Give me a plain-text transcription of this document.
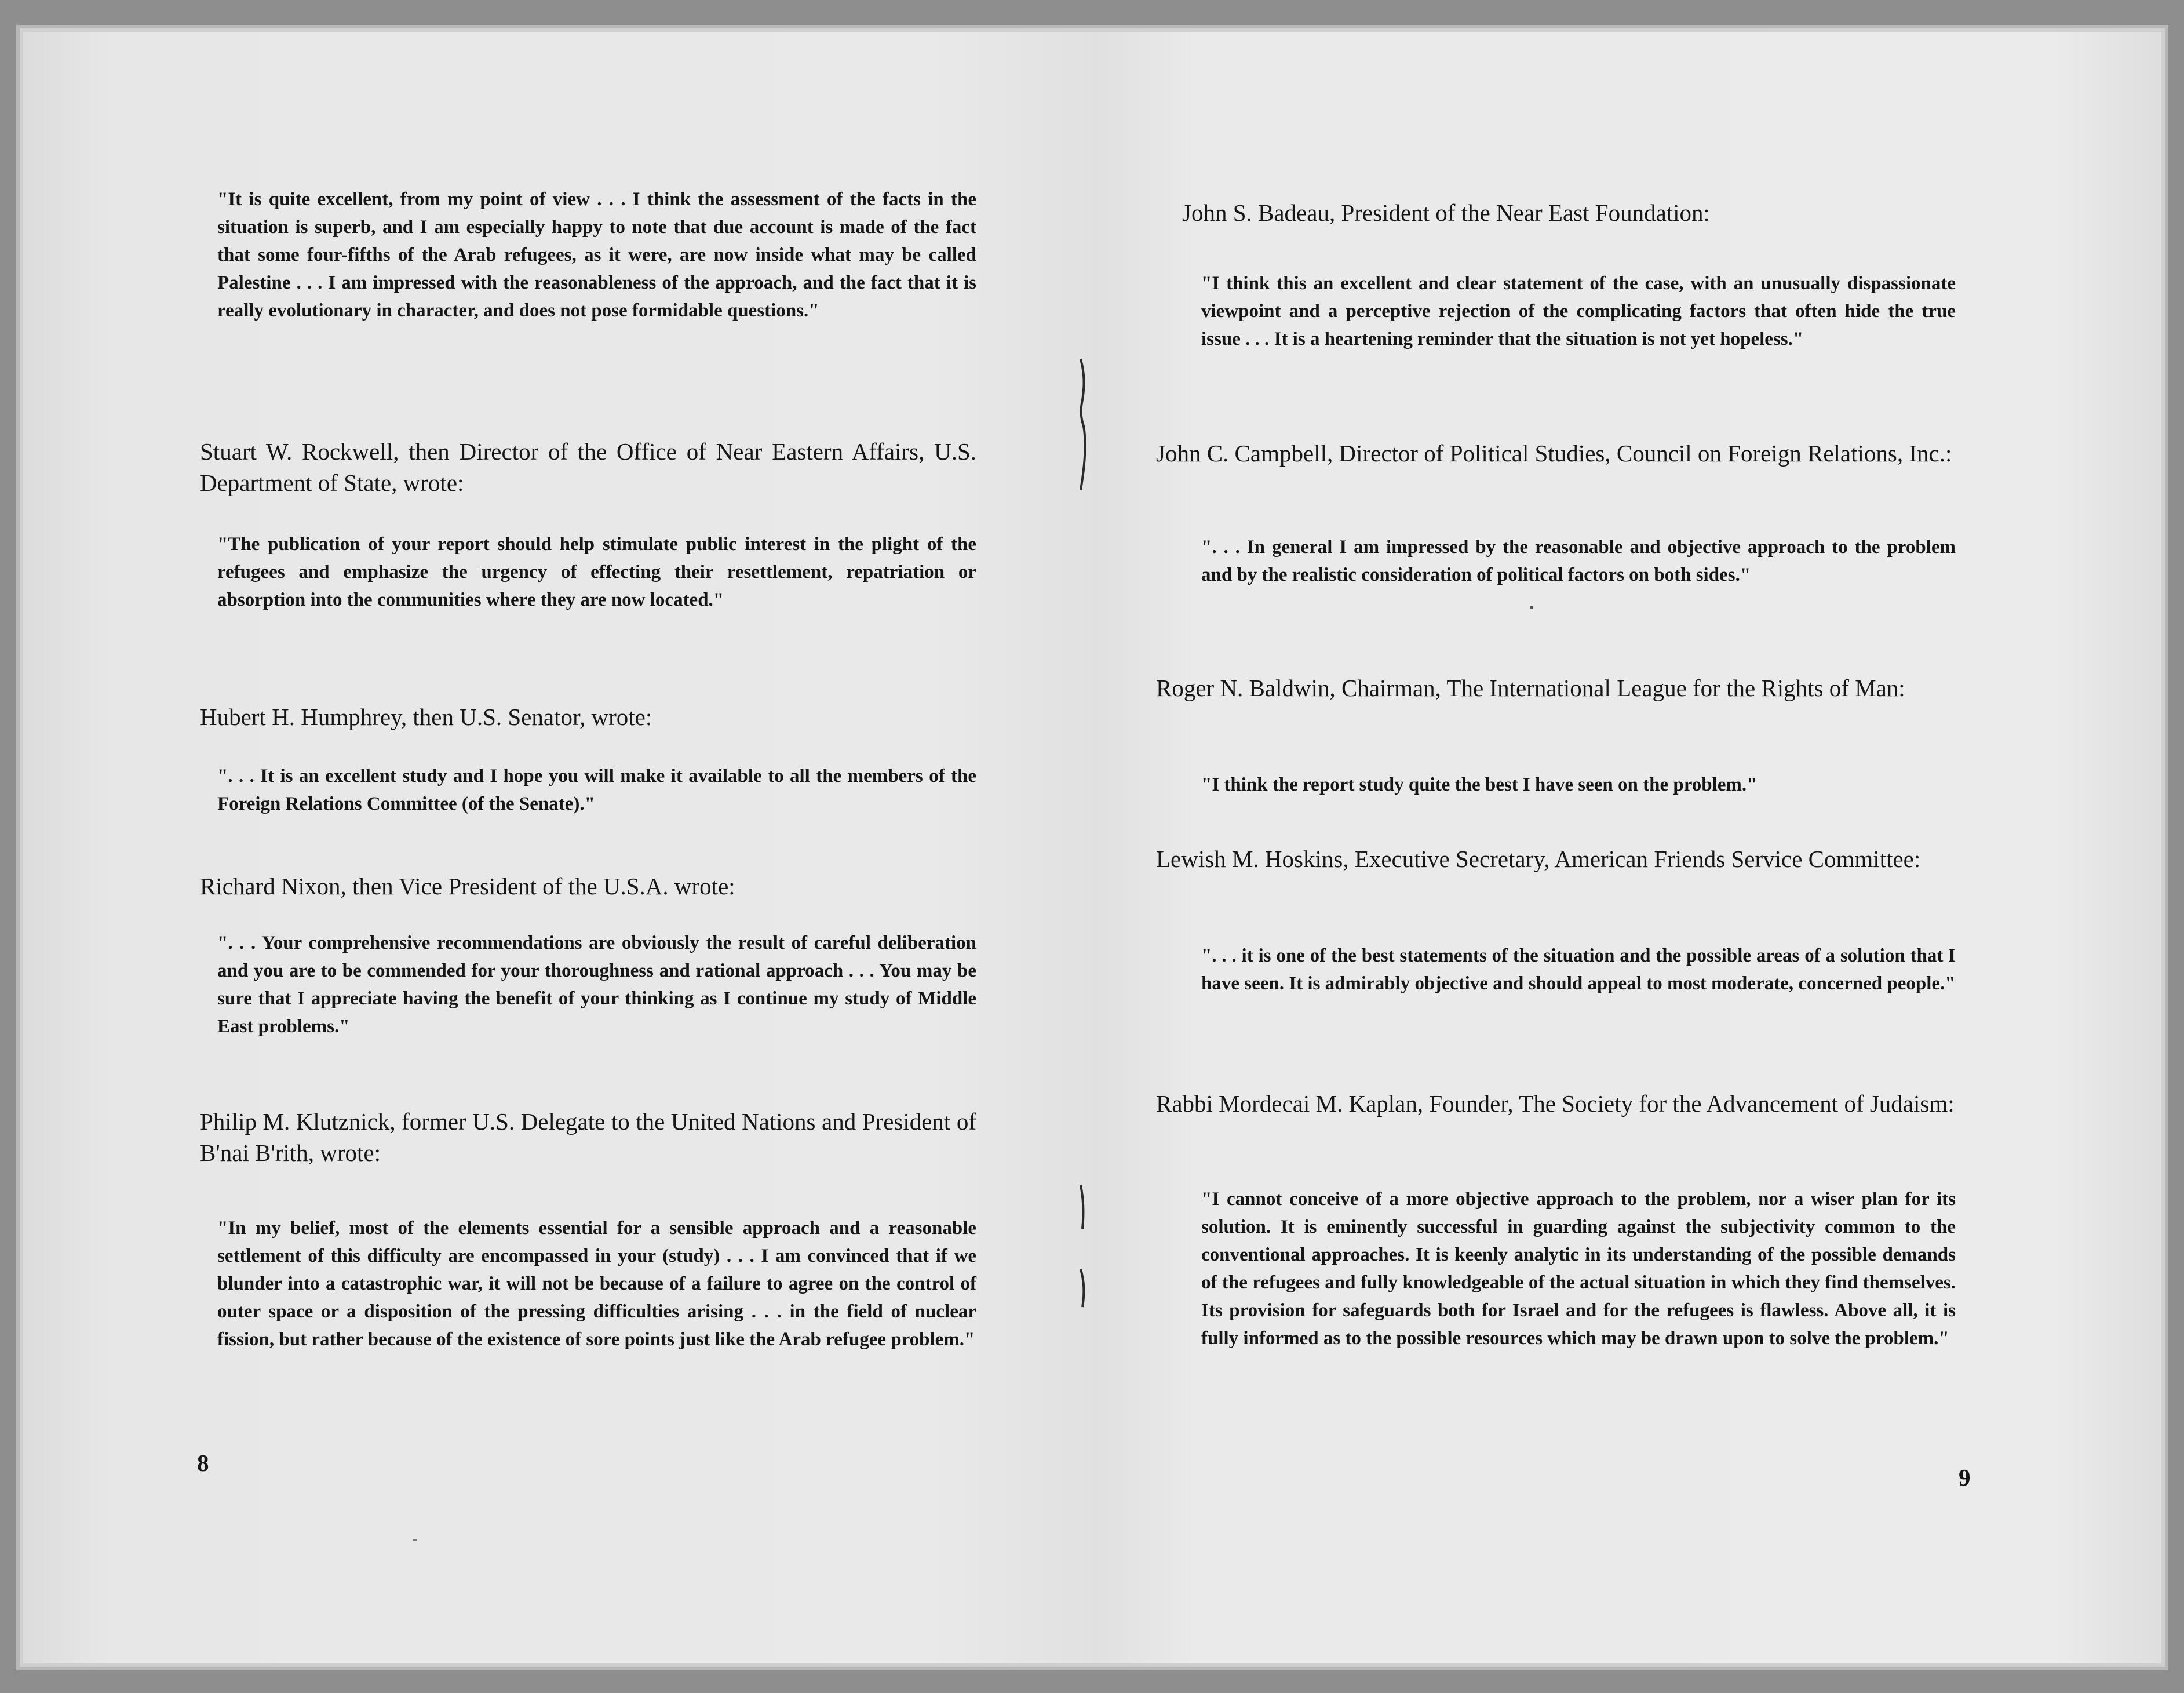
"It is quite excellent, from my point of view . . . I think the assessment of the facts in the situation is superb, and I am especially happy to note that due account is made of the fact that some four-fifths of the Arab refugees, as it were, are now inside what may be called Palestine . . . I am impressed with the reasonableness of the approach, and the fact that it is really evolutionary in character, and does not pose formidable questions."

Stuart W. Rockwell, then Director of the Office of Near Eastern Affairs, U.S. Department of State, wrote:

"The publication of your report should help stimulate public interest in the plight of the refugees and emphasize the urgency of effecting their resettlement, repatriation or absorption into the communities where they are now located."

Hubert H. Humphrey, then U.S. Senator, wrote:

". . . It is an excellent study and I hope you will make it available to all the members of the Foreign Relations Committee (of the Senate)."

Richard Nixon, then Vice President of the U.S.A. wrote:

". . . Your comprehensive recommendations are obviously the result of careful deliberation and you are to be commended for your thoroughness and rational approach . . . You may be sure that I appreciate having the benefit of your thinking as I continue my study of Middle East problems."

Philip M. Klutznick, former U.S. Delegate to the United Nations and President of B'nai B'rith, wrote:

"In my belief, most of the elements essential for a sensible approach and a reasonable settlement of this difficulty are encompassed in your (study) . . . I am convinced that if we blunder into a catastrophic war, it will not be because of a failure to agree on the control of outer space or a disposition of the pressing difficulties arising . . . in the field of nuclear fission, but rather because of the existence of sore points just like the Arab refugee problem."

8

John S. Badeau, President of the Near East Foundation:

"I think this an excellent and clear statement of the case, with an unusually dispassionate viewpoint and a perceptive rejection of the complicating factors that often hide the true issue . . . It is a heartening reminder that the situation is not yet hopeless."

John C. Campbell, Director of Political Studies, Council on Foreign Relations, Inc.:

". . . In general I am impressed by the reasonable and objective approach to the problem and by the realistic consideration of political factors on both sides."

Roger N. Baldwin, Chairman, The International League for the Rights of Man:

"I think the report study quite the best I have seen on the problem."

Lewish M. Hoskins, Executive Secretary, American Friends Service Committee:

". . . it is one of the best statements of the situation and the possible areas of a solution that I have seen. It is admirably objective and should appeal to most moderate, concerned people."

Rabbi Mordecai M. Kaplan, Founder, The Society for the Advancement of Judaism:

"I cannot conceive of a more objective approach to the problem, nor a wiser plan for its solution. It is eminently successful in guarding against the subjectivity common to the conventional approaches. It is keenly analytic in its understanding of the possible demands of the refugees and fully knowledgeable of the actual situation in which they find themselves. Its provision for safeguards both for Israel and for the refugees is flawless. Above all, it is fully informed as to the possible resources which may be drawn upon to solve the problem."

9
